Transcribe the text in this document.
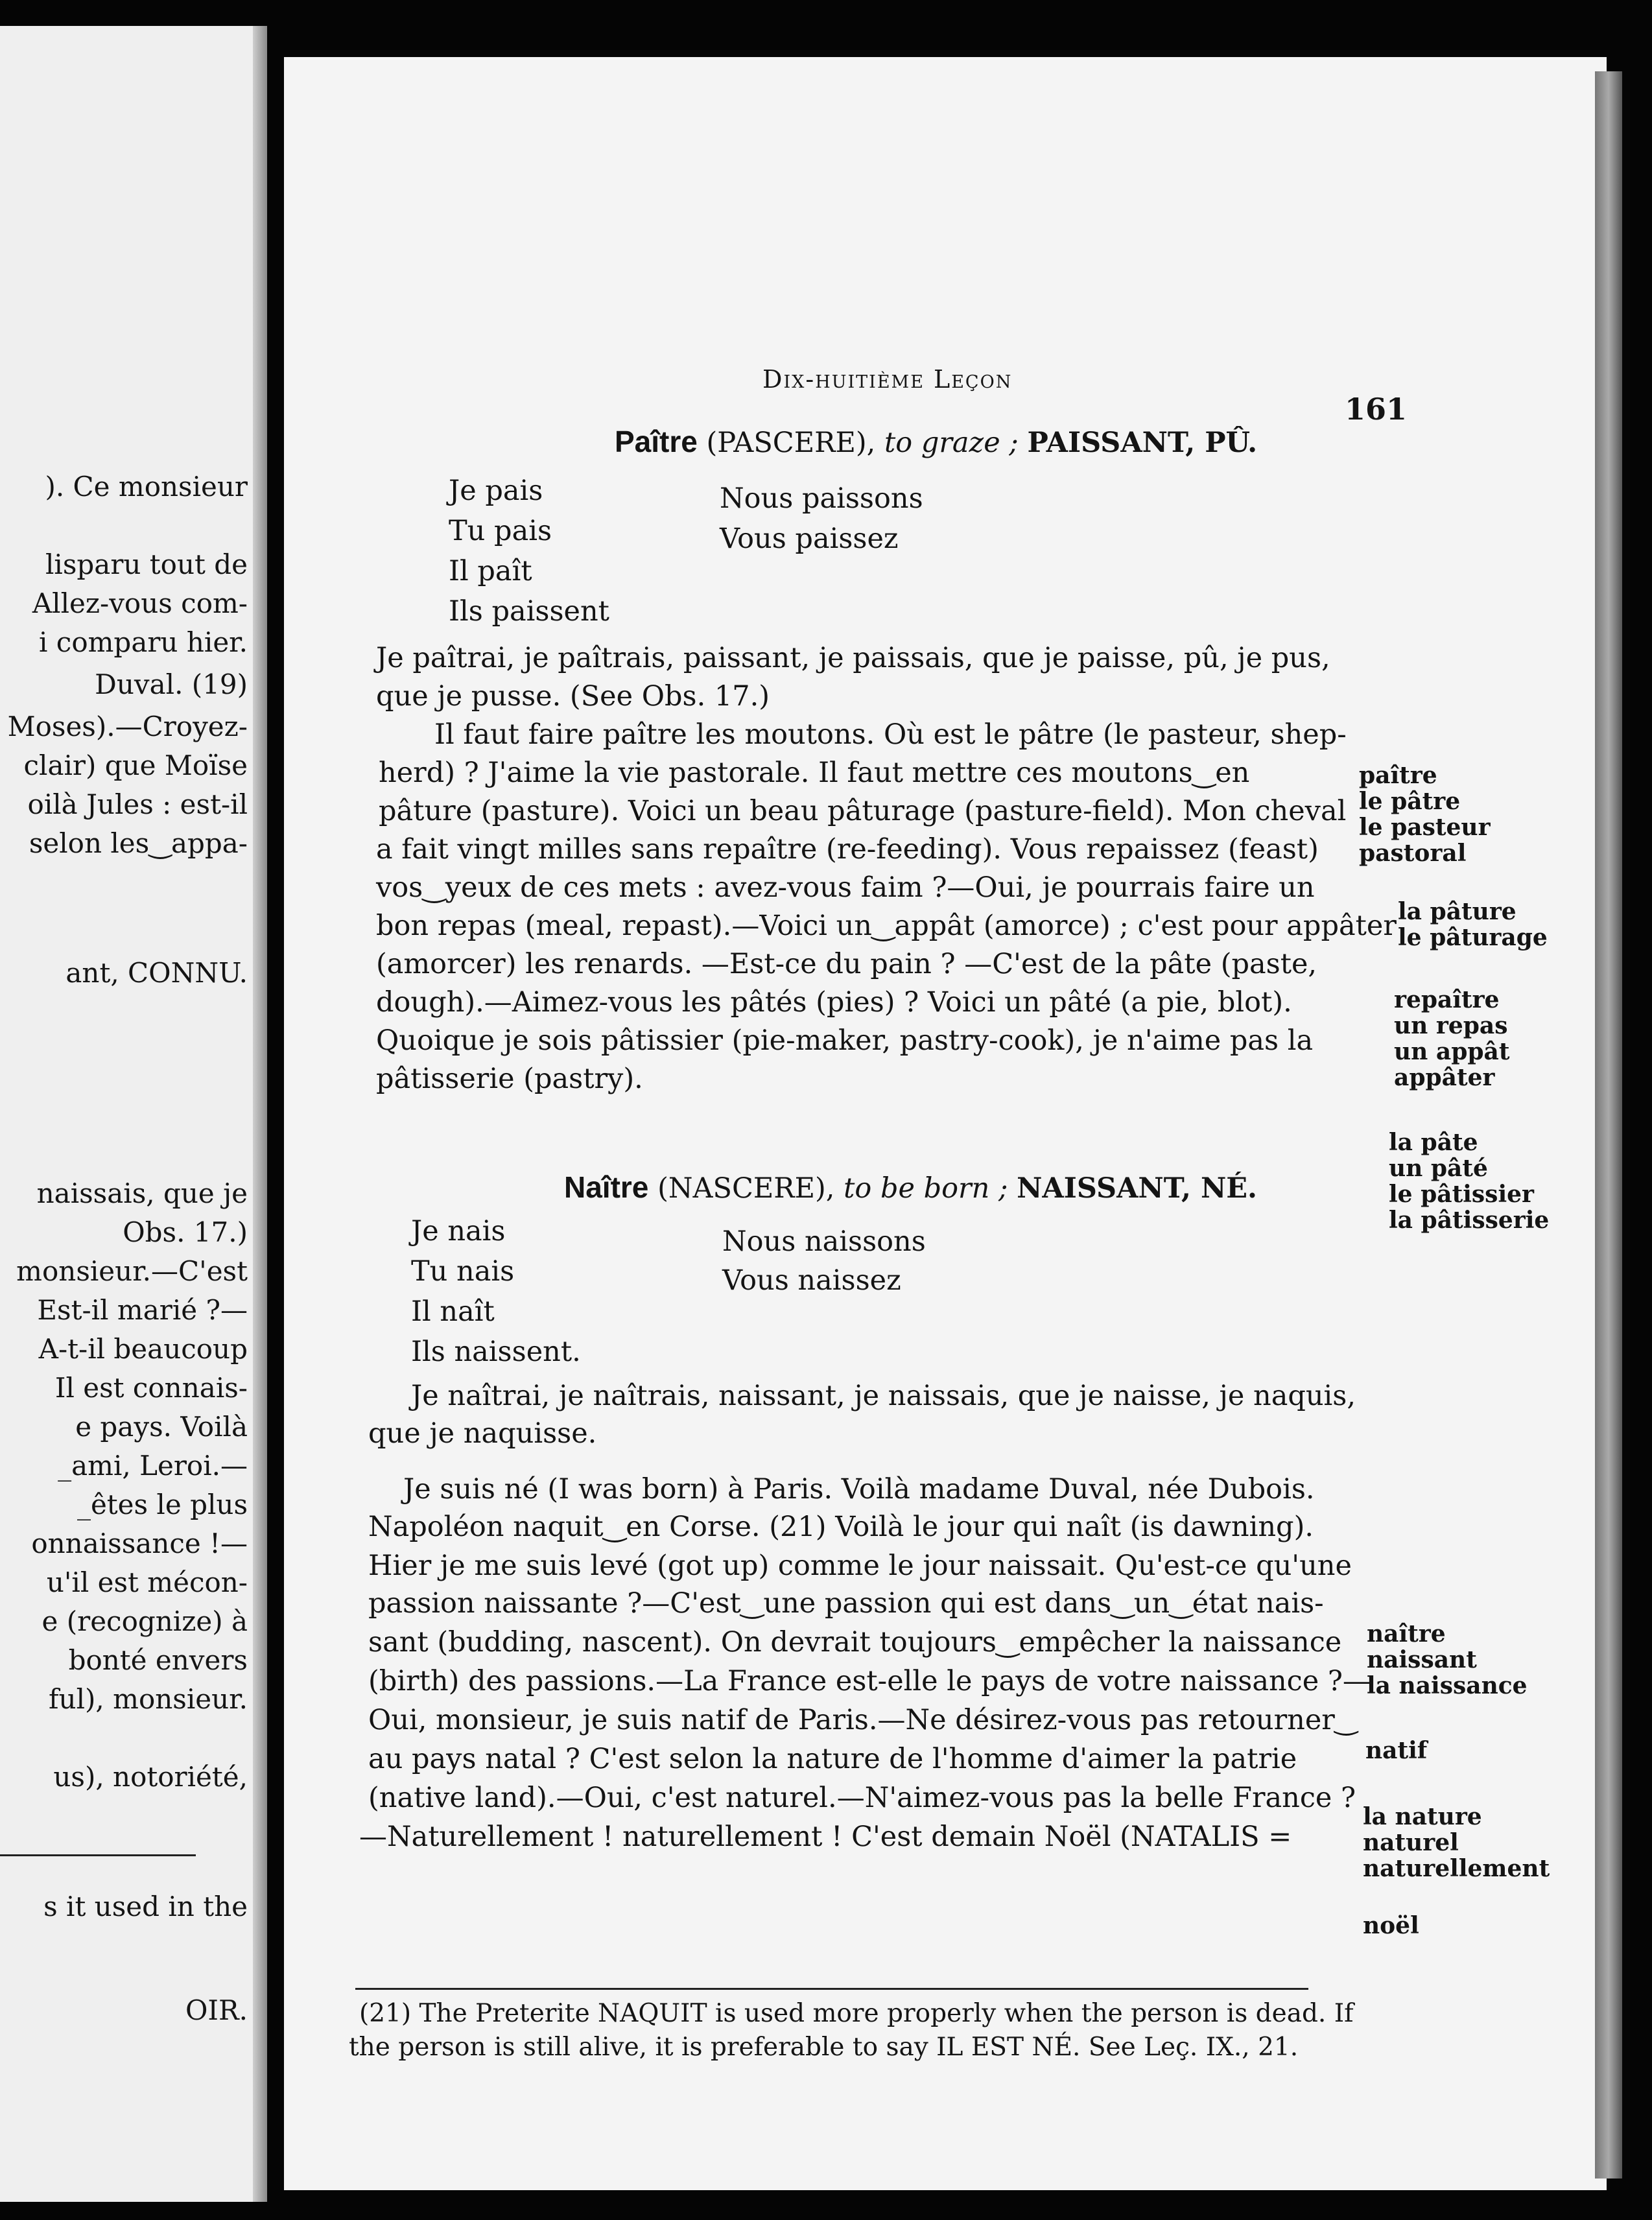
). Ce monsieur
lisparu tout de
Allez-vous com-
i comparu hier.
Duval. (19)
Moses).—Croyez-
clair) que Moïse
oilà Jules : est-il
selon les‿appa-
ant, CONNU.
naissais, que je
Obs. 17.)
monsieur.—C'est
Est-il marié ?—
A-t-il beaucoup
Il est connais-
e pays. Voilà
_ami, Leroi.—
_êtes le plus
onnaissance !—
u'il est mécon-
e (recognize) à
bonté envers
ful), monsieur.
us), notoriété,
s it used in the
OIR.
Dix-huitième Leçon
161
Paître (PASCERE), to graze ; PAISSANT, PÛ.
Je pais
Tu pais
Il paît
Ils paissent
Nous paissons
Vous paissez
Je paîtrai, je paîtrais, paissant, je paissais, que je paisse, pû, je pus,
que je pusse. (See Obs. 17.)
Il faut faire paître les moutons. Où est le pâtre (le pasteur, shep-
herd) ? J'aime la vie pastorale. Il faut mettre ces moutons‿en
pâture (pasture). Voici un beau pâturage (pasture-field). Mon cheval
a fait vingt milles sans repaître (re-feeding). Vous repaissez (feast)
vos‿yeux de ces mets : avez-vous faim ?—Oui, je pourrais faire un
bon repas (meal, repast).—Voici un‿appât (amorce) ; c'est pour appâter
(amorcer) les renards. —Est-ce du pain ? —C'est de la pâte (paste,
dough).—Aimez-vous les pâtés (pies) ? Voici un pâté (a pie, blot).
Quoique je sois pâtissier (pie-maker, pastry-cook), je n'aime pas la
pâtisserie (pastry).
Naître (NASCERE), to be born ; NAISSANT, NÉ.
Je nais
Tu nais
Il naît
Ils naissent.
Nous naissons
Vous naissez
Je naîtrai, je naîtrais, naissant, je naissais, que je naisse, je naquis,
que je naquisse.
Je suis né (I was born) à Paris. Voilà madame Duval, née Dubois.
Napoléon naquit‿en Corse. (21) Voilà le jour qui naît (is dawning).
Hier je me suis levé (got up) comme le jour naissait. Qu'est-ce qu'une
passion naissante ?—C'est‿une passion qui est dans‿un‿état nais-
sant (budding, nascent). On devrait toujours‿empêcher la naissance
(birth) des passions.—La France est-elle le pays de votre naissance ?—
Oui, monsieur, je suis natif de Paris.—Ne désirez-vous pas retourner‿
au pays natal ? C'est selon la nature de l'homme d'aimer la patrie
(native land).—Oui, c'est naturel.—N'aimez-vous pas la belle France ?
—Naturellement ! naturellement ! C'est demain Noël (NATALIS =
paître
le pâtre
le pasteur
pastoral
la pâture
le pâturage
repaître
un repas
un appât
appâter
la pâte
un pâté
le pâtissier
la pâtisserie
naître
naissant
la naissance
natif
la nature
naturel
naturellement
noël
(21) The Preterite NAQUIT is used more properly when the person is dead. If
the person is still alive, it is preferable to say IL EST NÉ. See Leç. IX., 21.
